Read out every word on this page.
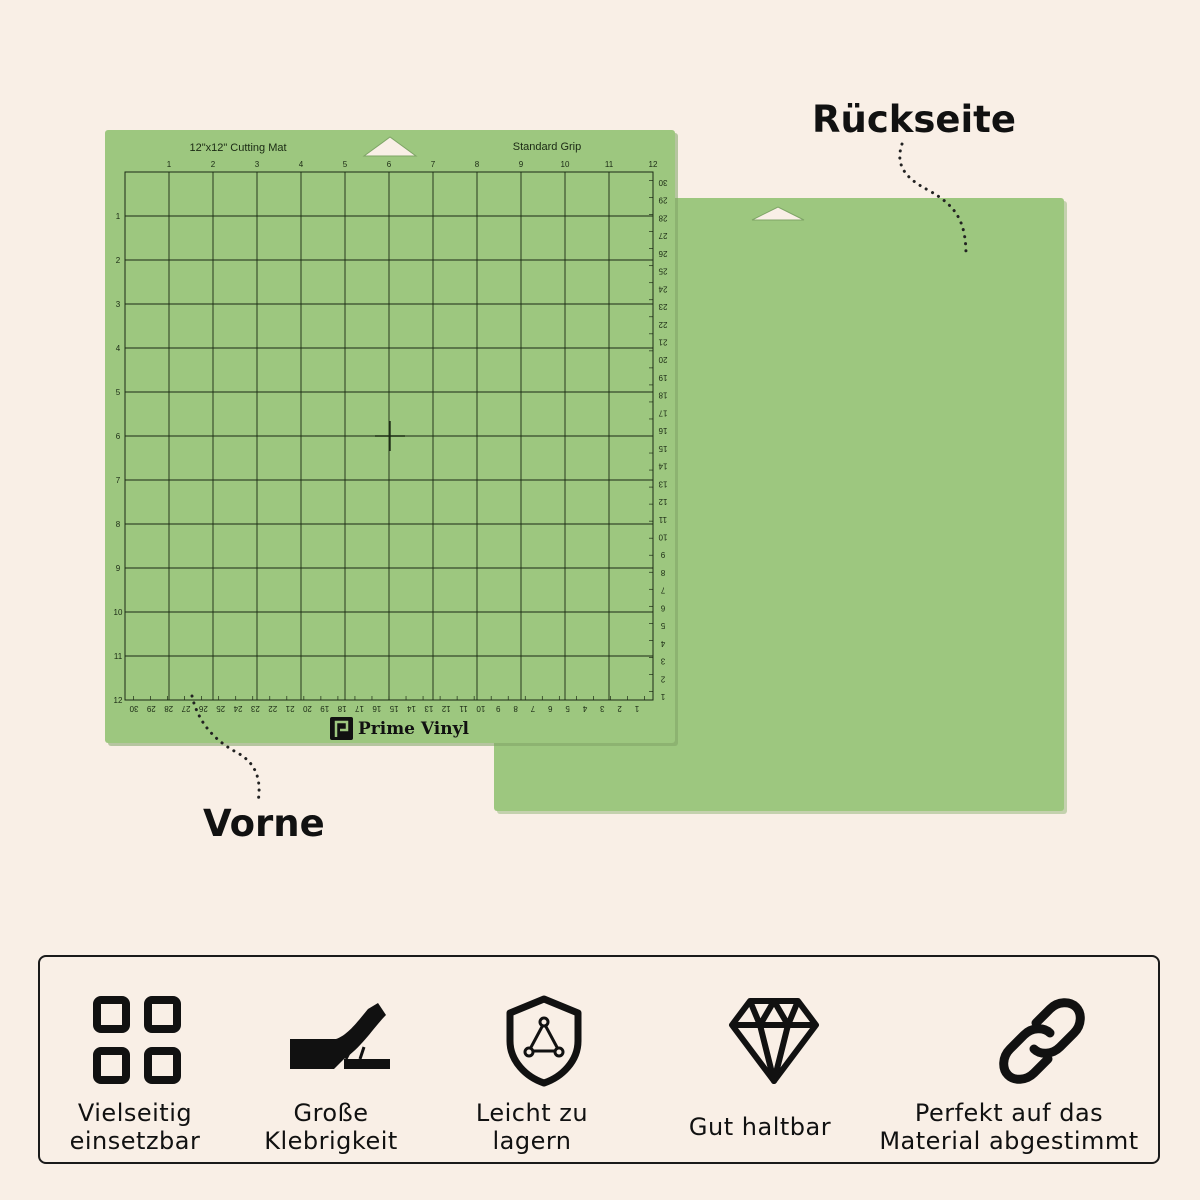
12"x12" Cutting Mat	Standard Grip
1	2	3	4	5	6	7	8	9	10	11	12
1
2
3
4
5
6
7
8
9
10
11
12
30
29
28
27
26
25
24
23
22
21
20
19
18
17
16
15
14
13
12
11
10
9
8
7
6
5
4
3
2
1
30 29 28 27 26 25 24 23 22 21 20 19 18 17 16 15 14 13 12 11 10 9 8 7 6 5 4 3 2 1
Prime Vinyl
Rückseite
Vorne
Vielseitig
einsetzbar
Große
Klebrigkeit
Leicht zu
lagern	Gut haltbar	Perfekt auf das
Material abgestimmt
